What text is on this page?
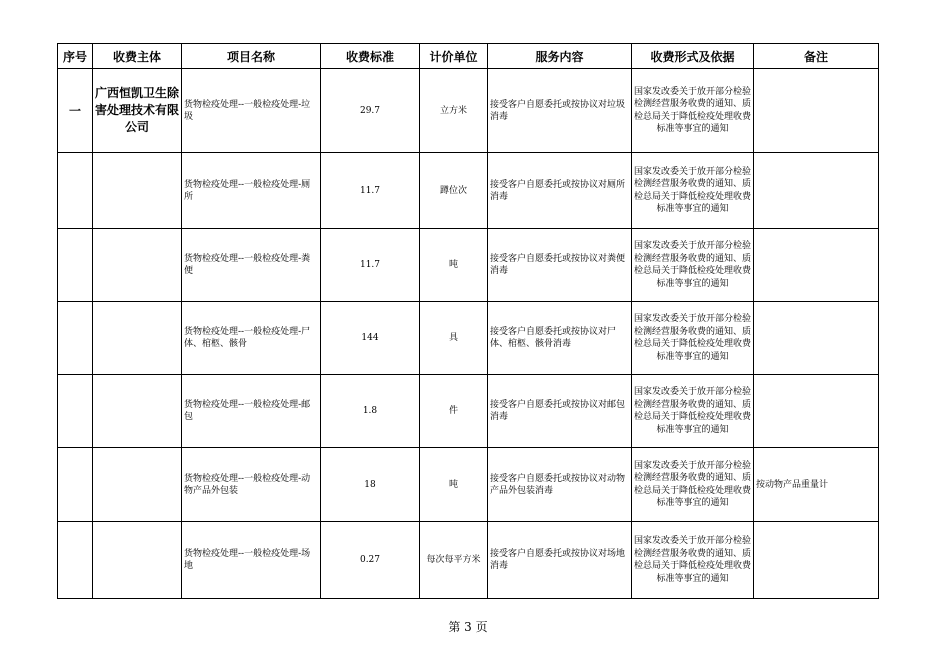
序号	收费主体	项目名称	收费标准	计价单位	服务内容	收费形式及依据	备注
一	广西恒凯卫生除害处理技术有限公司	货物检疫处理--一般检疫处理-垃圾	29.7	立方米	接受客户自愿委托或按协议对垃圾消毒	国家发改委关于放开部分检验检测经营服务收费的通知、质检总局关于降低检疫处理收费标准等事宜的通知	
		货物检疫处理--一般检疫处理-厕所	11.7	蹲位次	接受客户自愿委托或按协议对厕所消毒	国家发改委关于放开部分检验检测经营服务收费的通知、质检总局关于降低检疫处理收费标准等事宜的通知	
		货物检疫处理--一般检疫处理-粪便	11.7	吨	接受客户自愿委托或按协议对粪便消毒	国家发改委关于放开部分检验检测经营服务收费的通知、质检总局关于降低检疫处理收费标准等事宜的通知	
		货物检疫处理--一般检疫处理-尸体、棺柩、骸骨	144	具	接受客户自愿委托或按协议对尸体、棺柩、骸骨消毒	国家发改委关于放开部分检验检测经营服务收费的通知、质检总局关于降低检疫处理收费标准等事宜的通知	
		货物检疫处理--一般检疫处理-邮包	1.8	件	接受客户自愿委托或按协议对邮包消毒	国家发改委关于放开部分检验检测经营服务收费的通知、质检总局关于降低检疫处理收费标准等事宜的通知	
		货物检疫处理--一般检疫处理-动物产品外包装	18	吨	接受客户自愿委托或按协议对动物产品外包装消毒	国家发改委关于放开部分检验检测经营服务收费的通知、质检总局关于降低检疫处理收费标准等事宜的通知	按动物产品重量计
		货物检疫处理--一般检疫处理-场地	0.27	每次每平方米	接受客户自愿委托或按协议对场地消毒	国家发改委关于放开部分检验检测经营服务收费的通知、质检总局关于降低检疫处理收费标准等事宜的通知	
第 3 页
